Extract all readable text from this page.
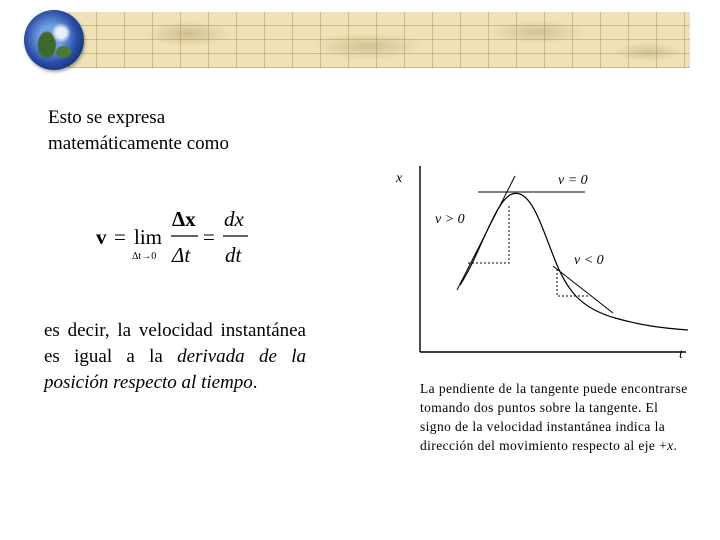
Esto se expresa
matemáticamente como
v = lim
Δt→0
Δx
Δt
=
dx
dt
es decir, la velocidad instantánea es igual a la derivada de la posición respecto al tiempo.
x
t
v = 0
v > 0
v < 0
La pendiente de la tangente puede encontrarse tomando dos puntos sobre la tangente. El signo de la velocidad instantánea indica la dirección del movimiento respecto al eje +x.
